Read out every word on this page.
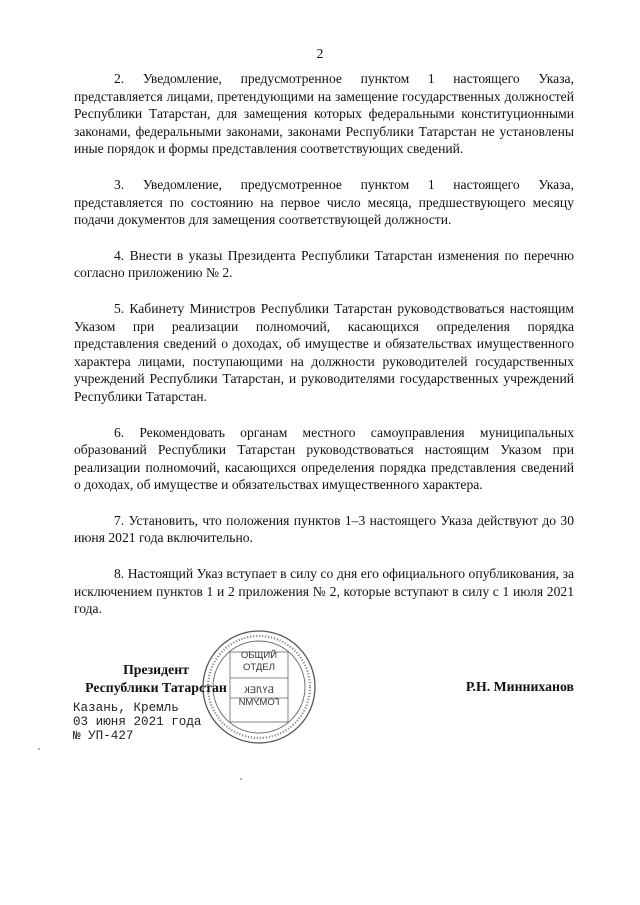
2

2. Уведомление, предусмотренное пунктом 1 настоящего Указа, представляется лицами, претендующими на замещение государственных должностей Республики Татарстан, для замещения которых федеральными конституционными законами, федеральными законами, законами Республики Татарстан не установлены иные порядок и формы представления соответствующих сведений.

3. Уведомление, предусмотренное пунктом 1 настоящего Указа, представляется по состоянию на первое число месяца, предшествующего месяцу подачи документов для замещения соответствующей должности.

4. Внести в указы Президента Республики Татарстан изменения по перечню согласно приложению № 2.

5. Кабинету Министров Республики Татарстан руководствоваться настоящим Указом при реализации полномочий, касающихся определения порядка представления сведений о доходах, об имуществе и обязательствах имущественного характера лицами, поступающими на должности руководителей государственных учреждений Республики Татарстан, и руководителями государственных учреждений Республики Татарстан.

6. Рекомендовать органам местного самоуправления муниципальных образований Республики Татарстан руководствоваться настоящим Указом при реализации полномочий, касающихся определения порядка представления сведений о доходах, об имуществе и обязательствах имущественного характера.

7. Установить, что положения пунктов 1–3 настоящего Указа действуют до 30 июня 2021 года включительно.

8. Настоящий Указ вступает в силу со дня его официального опубликования, за исключением пунктов 1 и 2 приложения № 2, которые вступают в силу с 1 июля 2021 года.

ОБЩИЙ
ОТДЕЛ

БҮЛЕК
ГОМУМИ
Президент
Республики Татарстан	Р.Н. Минниханов
Казань, Кремль
03 июня 2021 года
№ УП-427
